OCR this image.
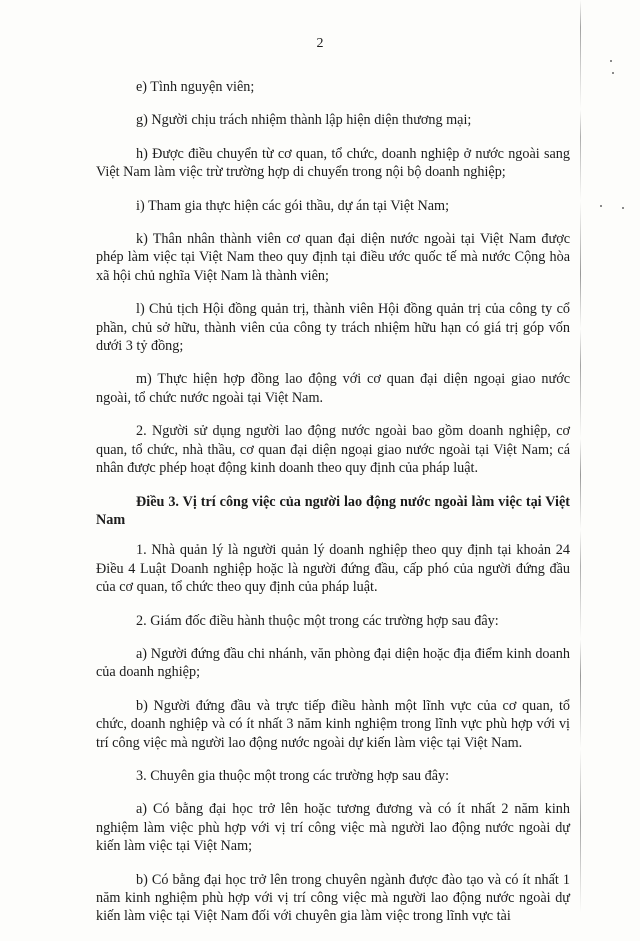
2

e) Tình nguyện viên;

g) Người chịu trách nhiệm thành lập hiện diện thương mại;

h) Được điều chuyển từ cơ quan, tổ chức, doanh nghiệp ở nước ngoài sang Việt Nam làm việc trừ trường hợp di chuyển trong nội bộ doanh nghiệp;

i) Tham gia thực hiện các gói thầu, dự án tại Việt Nam;

k) Thân nhân thành viên cơ quan đại diện nước ngoài tại Việt Nam được phép làm việc tại Việt Nam theo quy định tại điều ước quốc tế mà nước Cộng hòa xã hội chủ nghĩa Việt Nam là thành viên;

l) Chủ tịch Hội đồng quản trị, thành viên Hội đồng quản trị của công ty cổ phần, chủ sở hữu, thành viên của công ty trách nhiệm hữu hạn có giá trị góp vốn dưới 3 tỷ đồng;

m) Thực hiện hợp đồng lao động với cơ quan đại diện ngoại giao nước ngoài, tổ chức nước ngoài tại Việt Nam.

2. Người sử dụng người lao động nước ngoài bao gồm doanh nghiệp, cơ quan, tổ chức, nhà thầu, cơ quan đại diện ngoại giao nước ngoài tại Việt Nam; cá nhân được phép hoạt động kinh doanh theo quy định của pháp luật.

Điều 3. Vị trí công việc của người lao động nước ngoài làm việc tại Việt Nam

1. Nhà quản lý là người quản lý doanh nghiệp theo quy định tại khoản 24 Điều 4 Luật Doanh nghiệp hoặc là người đứng đầu, cấp phó của người đứng đầu của cơ quan, tổ chức theo quy định của pháp luật.

2. Giám đốc điều hành thuộc một trong các trường hợp sau đây:

a) Người đứng đầu chi nhánh, văn phòng đại diện hoặc địa điểm kinh doanh của doanh nghiệp;

b) Người đứng đầu và trực tiếp điều hành một lĩnh vực của cơ quan, tổ chức, doanh nghiệp và có ít nhất 3 năm kinh nghiệm trong lĩnh vực phù hợp với vị trí công việc mà người lao động nước ngoài dự kiến làm việc tại Việt Nam.

3. Chuyên gia thuộc một trong các trường hợp sau đây:

a) Có bằng đại học trở lên hoặc tương đương và có ít nhất 2 năm kinh nghiệm làm việc phù hợp với vị trí công việc mà người lao động nước ngoài dự kiến làm việc tại Việt Nam;

b) Có bằng đại học trở lên trong chuyên ngành được đào tạo và có ít nhất 1 năm kinh nghiệm phù hợp với vị trí công việc mà người lao động nước ngoài dự kiến làm việc tại Việt Nam đối với chuyên gia làm việc trong lĩnh vực tài
